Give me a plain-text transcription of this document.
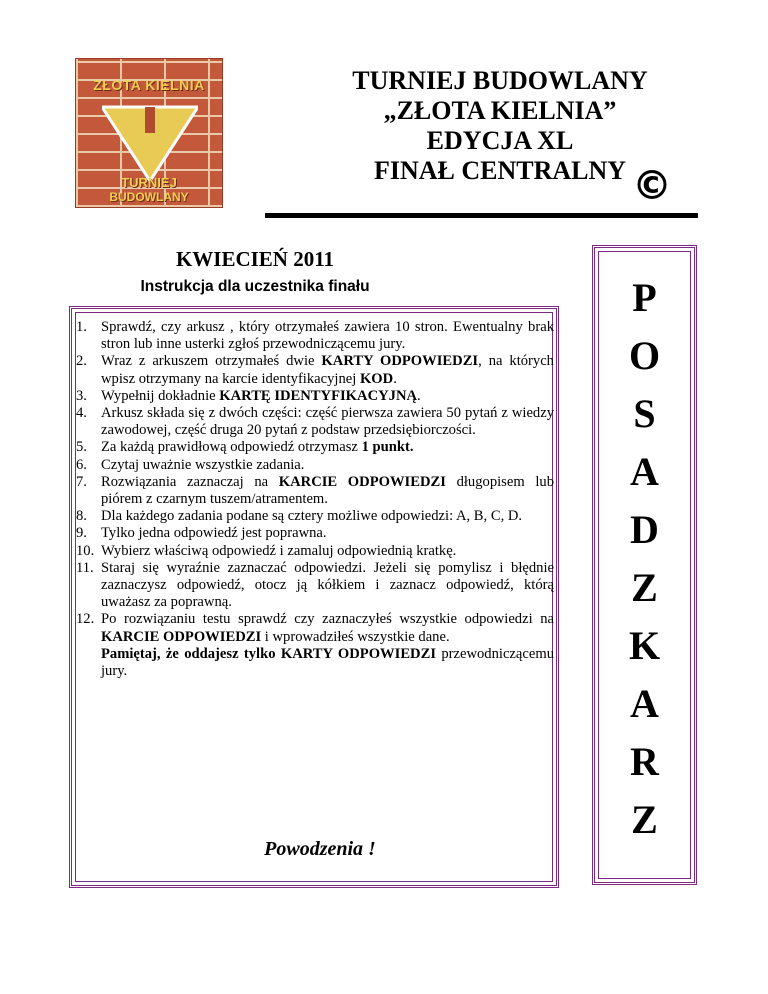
ZŁOTA KIELNIA
TURNIEJ
BUDOWLANY
TURNIEJ BUDOWLANY
„ZŁOTA KIELNIA”
EDYCJA XL
FINAŁ CENTRALNY ©
KWIECIEŃ 2011
Instrukcja dla uczestnika finału
1. Sprawdź, czy arkusz , który otrzymałeś zawiera 10 stron. Ewentualny brak stron lub inne usterki zgłoś przewodniczącemu jury.
2. Wraz z arkuszem otrzymałeś dwie KARTY ODPOWIEDZI, na których wpisz otrzymany na karcie identyfikacyjnej KOD.
3. Wypełnij dokładnie KARTĘ IDENTYFIKACYJNĄ.
4. Arkusz składa się z dwóch części: część pierwsza zawiera 50 pytań z wiedzy zawodowej, część druga 20 pytań z podstaw przedsiębiorczości.
5. Za każdą prawidłową odpowiedź otrzymasz 1 punkt.
6. Czytaj uważnie wszystkie zadania.
7. Rozwiązania zaznaczaj na KARCIE ODPOWIEDZI długopisem lub piórem z czarnym tuszem/atramentem.
8. Dla każdego zadania podane są cztery możliwe odpowiedzi: A, B, C, D.
9. Tylko jedna odpowiedź jest poprawna.
10. Wybierz właściwą odpowiedź i zamaluj odpowiednią kratkę.
11. Staraj się wyraźnie zaznaczać odpowiedzi. Jeżeli się pomylisz i błędnie zaznaczysz odpowiedź, otocz ją kółkiem i zaznacz odpowiedź, którą uważasz za poprawną.
12. Po rozwiązaniu testu sprawdź czy zaznaczyłeś wszystkie odpowiedzi na KARCIE ODPOWIEDZI i wprowadziłeś wszystkie dane.
Pamiętaj, że oddajesz tylko KARTY ODPOWIEDZI przewodniczącemu jury.
Powodzenia !
P
O
S
A
D
Z
K
A
R
Z
